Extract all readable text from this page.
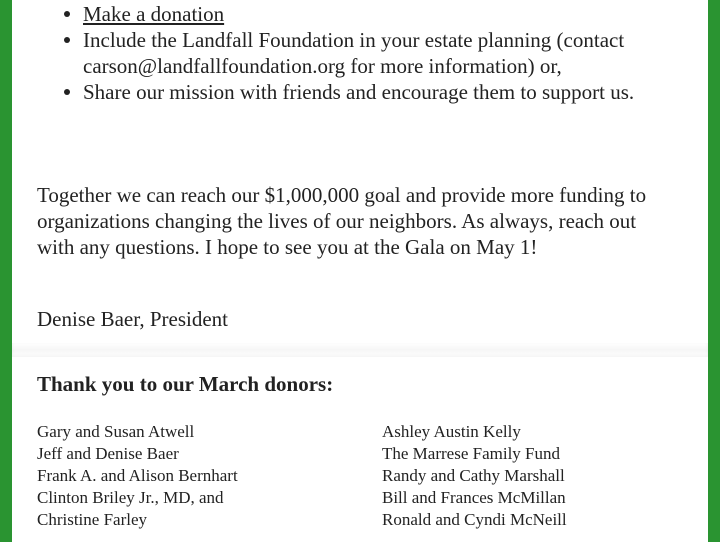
Make a donation
Include the Landfall Foundation in your estate planning (contact carson@landfallfoundation.org for more information) or,
Share our mission with friends and encourage them to support us.

Together we can reach our $1,000,000 goal and provide more funding to organizations changing the lives of our neighbors. As always, reach out with any questions. I hope to see you at the Gala on May 1!

Denise Baer, President

Thank you to our March donors:
Gary and Susan Atwell
Jeff and Denise Baer
Frank A. and Alison Bernhart
Clinton Briley Jr., MD, and
Christine Farley
Ashley Austin Kelly
The Marrese Family Fund
Randy and Cathy Marshall
Bill and Frances McMillan
Ronald and Cyndi McNeill
